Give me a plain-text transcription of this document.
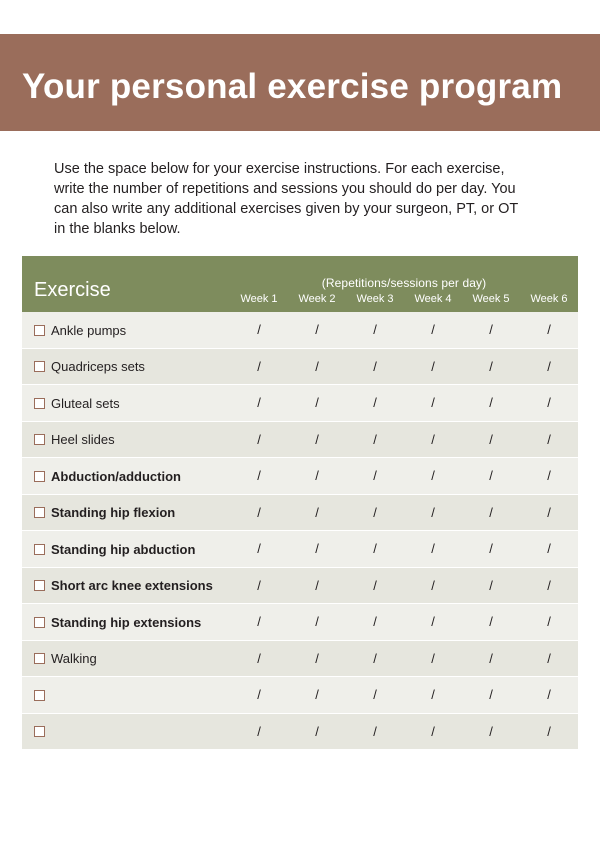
Your personal exercise program
Use the space below for your exercise instructions. For each exercise, write the number of repetitions and sessions you should do per day. You can also write any additional exercises given by your surgeon, PT, or OT in the blanks below.
Exercise	(Repetitions/sessions per day)
Week 1	Week 2	Week 3	Week 4	Week 5	Week 6

Ankle pumps	/	/	/	/	/	/
Quadriceps sets	/	/	/	/	/	/
Gluteal sets	/	/	/	/	/	/
Heel slides	/	/	/	/	/	/
Abduction/adduction	/	/	/	/	/	/
Standing hip flexion	/	/	/	/	/	/
Standing hip abduction	/	/	/	/	/	/
Short arc knee extensions	/	/	/	/	/	/
Standing hip extensions	/	/	/	/	/	/
Walking	/	/	/	/	/	/
	/	/	/	/	/	/
	/	/	/	/	/	/
